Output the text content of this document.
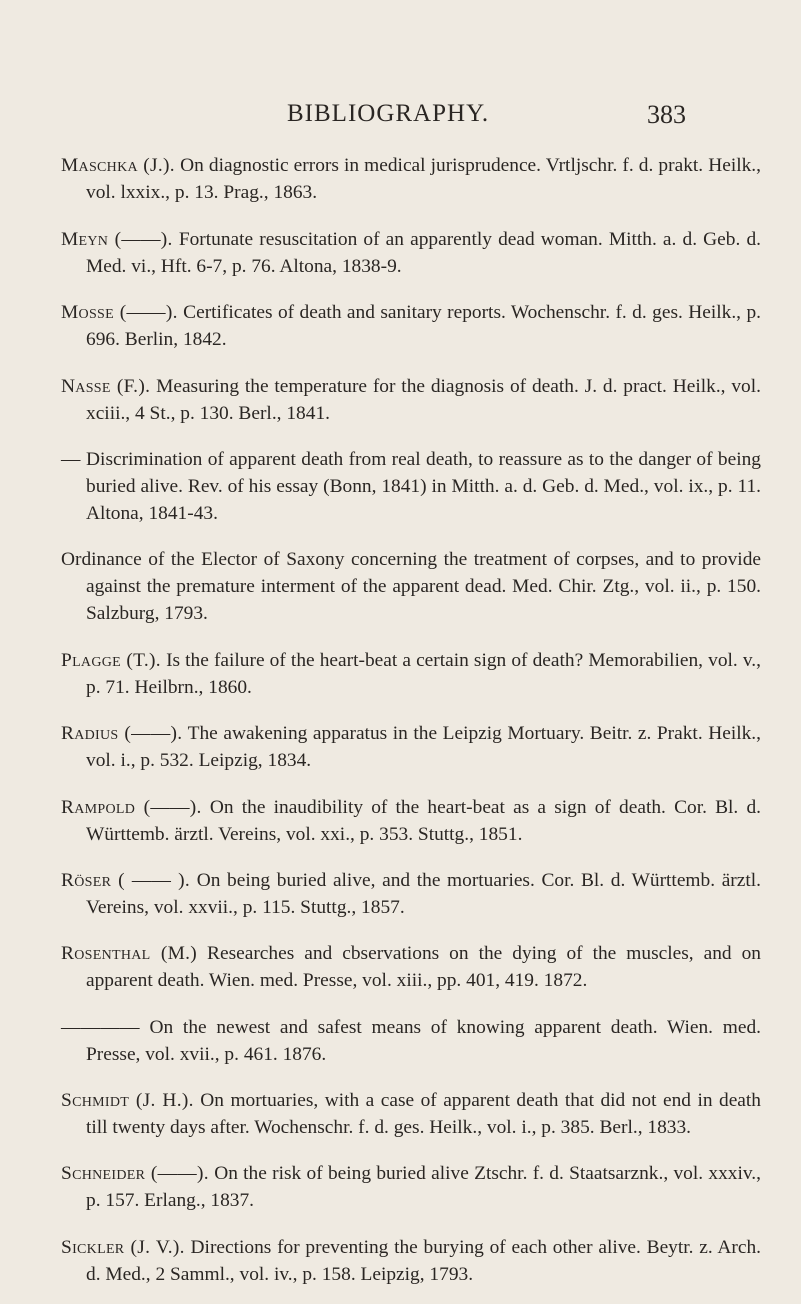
BIBLIOGRAPHY.	383

Maschka (J.). On diagnostic errors in medical jurisprudence. Vrtljschr. f. d. prakt. Heilk., vol. lxxix., p. 13. Prag., 1863.

Meyn (——). Fortunate resuscitation of an apparently dead woman. Mitth. a. d. Geb. d. Med. vi., Hft. 6-7, p. 76. Altona, 1838-9.

Mosse (——). Certificates of death and sanitary reports. Wochenschr. f. d. ges. Heilk., p. 696. Berlin, 1842.

Nasse (F.). Measuring the temperature for the diagnosis of death. J. d. pract. Heilk., vol. xciii., 4 St., p. 130. Berl., 1841.

— Discrimination of apparent death from real death, to reassure as to the danger of being buried alive. Rev. of his essay (Bonn, 1841) in Mitth. a. d. Geb. d. Med., vol. ix., p. 11. Altona, 1841-43.

Ordinance of the Elector of Saxony concerning the treatment of corpses, and to provide against the premature interment of the apparent dead. Med. Chir. Ztg., vol. ii., p. 150. Salzburg, 1793.

Plagge (T.). Is the failure of the heart-beat a certain sign of death? Memorabilien, vol. v., p. 71. Heilbrn., 1860.

Radius (——). The awakening apparatus in the Leipzig Mortuary. Beitr. z. Prakt. Heilk., vol. i., p. 532. Leipzig, 1834.

Rampold (——). On the inaudibility of the heart-beat as a sign of death. Cor. Bl. d. Württemb. ärztl. Vereins, vol. xxi., p. 353. Stuttg., 1851.

Röser ( —— ). On being buried alive, and the mortuaries. Cor. Bl. d. Württemb. ärztl. Vereins, vol. xxvii., p. 115. Stuttg., 1857.

Rosenthal (M.) Researches and cbservations on the dying of the muscles, and on apparent death. Wien. med. Presse, vol. xiii., pp. 401, 419. 1872.

———— On the newest and safest means of knowing apparent death. Wien. med. Presse, vol. xvii., p. 461. 1876.

Schmidt (J. H.). On mortuaries, with a case of apparent death that did not end in death till twenty days after. Wochenschr. f. d. ges. Heilk., vol. i., p. 385. Berl., 1833.

Schneider (——). On the risk of being buried alive Ztschr. f. d. Staatsarznk., vol. xxxiv., p. 157. Erlang., 1837.

Sickler (J. V.). Directions for preventing the burying of each other alive. Beytr. z. Arch. d. Med., 2 Samml., vol. iv., p. 158. Leipzig, 1793.
